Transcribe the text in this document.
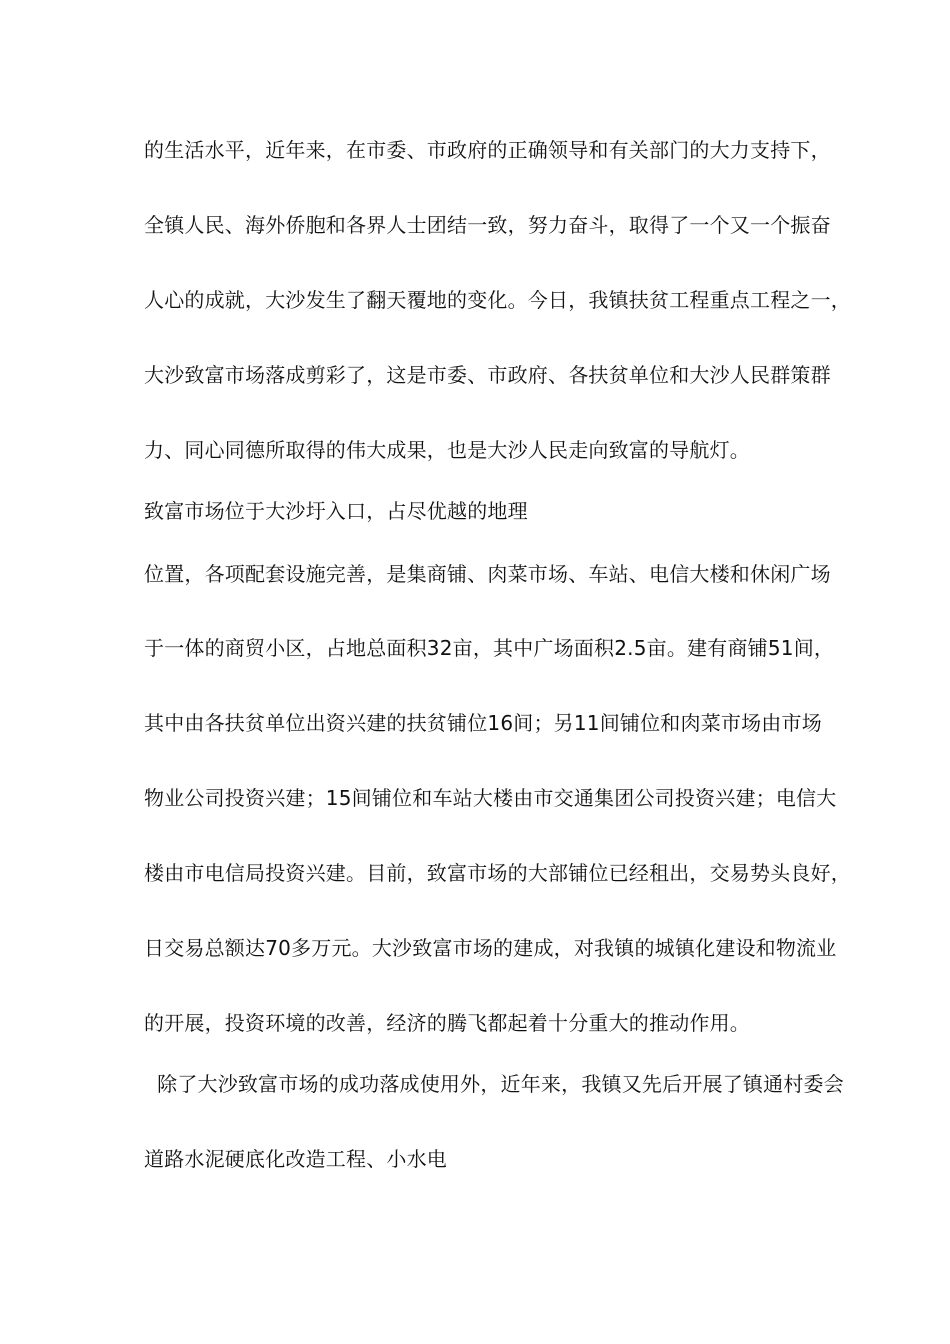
的生活水平，近年来，在市委、市政府的正确领导和有关部门的大力支持下，
全镇人民、海外侨胞和各界人士团结一致，努力奋斗，取得了一个又一个振奋
人心的成就，大沙发生了翻天覆地的变化。今日，我镇扶贫工程重点工程之一，
大沙致富市场落成剪彩了，这是市委、市政府、各扶贫单位和大沙人民群策群
力、同心同德所取得的伟大成果，也是大沙人民走向致富的导航灯。
致富市场位于大沙圩入口，占尽优越的地理
位置，各项配套设施完善，是集商铺、肉菜市场、车站、电信大楼和休闲广场
于一体的商贸小区，占地总面积32亩，其中广场面积2.5亩。建有商铺51间，
其中由各扶贫单位出资兴建的扶贫铺位16间；另11间铺位和肉菜市场由市场
物业公司投资兴建；15间铺位和车站大楼由市交通集团公司投资兴建；电信大
楼由市电信局投资兴建。目前，致富市场的大部铺位已经租出，交易势头良好，
日交易总额达70多万元。大沙致富市场的建成，对我镇的城镇化建设和物流业
的开展，投资环境的改善，经济的腾飞都起着十分重大的推动作用。
除了大沙致富市场的成功落成使用外，近年来，我镇又先后开展了镇通村委会
道路水泥硬底化改造工程、小水电
